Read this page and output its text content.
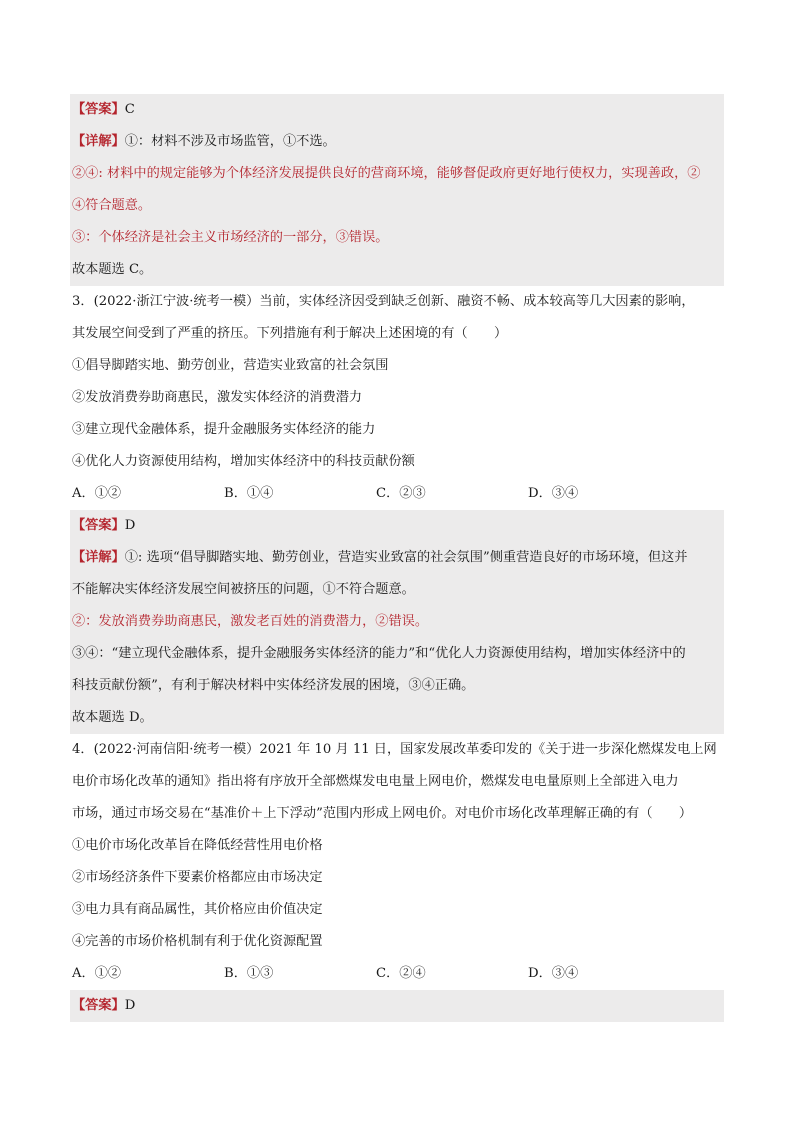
【答案】C
【详解】①：材料不涉及市场监管，①不选。
②④: 材料中的规定能够为个体经济发展提供良好的营商环境，能够督促政府更好地行使权力，实现善政，②
④符合题意。
③：个体经济是社会主义市场经济的一部分，③错误。
故本题选 C。
3．(2022·浙江宁波·统考一模）当前，实体经济因受到缺乏创新、融资不畅、成本较高等几大因素的影响，
其发展空间受到了严重的挤压。下列措施有利于解决上述困境的有（　　）
①倡导脚踏实地、勤劳创业，营造实业致富的社会氛围
②发放消费券助商惠民，激发实体经济的消费潜力
③建立现代金融体系，提升金融服务实体经济的能力
④优化人力资源使用结构，增加实体经济中的科技贡献份额
A．①②	B．①④	C．②③	D．③④
【答案】D
【详解】①: 选项“倡导脚踏实地、勤劳创业，营造实业致富的社会氛围”侧重营造良好的市场环境，但这并
不能解决实体经济发展空间被挤压的问题，①不符合题意。
②：发放消费券助商惠民，激发老百姓的消费潜力，②错误。
③④：“建立现代金融体系，提升金融服务实体经济的能力”和“优化人力资源使用结构，增加实体经济中的
科技贡献份额”，有利于解决材料中实体经济发展的困境，③④正确。
故本题选 D。
4．(2022·河南信阳·统考一模）2021 年 10 月 11 日，国家发展改革委印发的《关于进一步深化燃煤发电上网
电价市场化改革的通知》指出将有序放开全部燃煤发电电量上网电价，燃煤发电电量原则上全部进入电力
市场，通过市场交易在“基准价＋上下浮动”范围内形成上网电价。对电价市场化改革理解正确的有（　　）
①电价市场化改革旨在降低经营性用电价格
②市场经济条件下要素价格都应由市场决定
③电力具有商品属性，其价格应由价值决定
④完善的市场价格机制有利于优化资源配置
A．①②	B．①③	C．②④	D．③④
【答案】D
